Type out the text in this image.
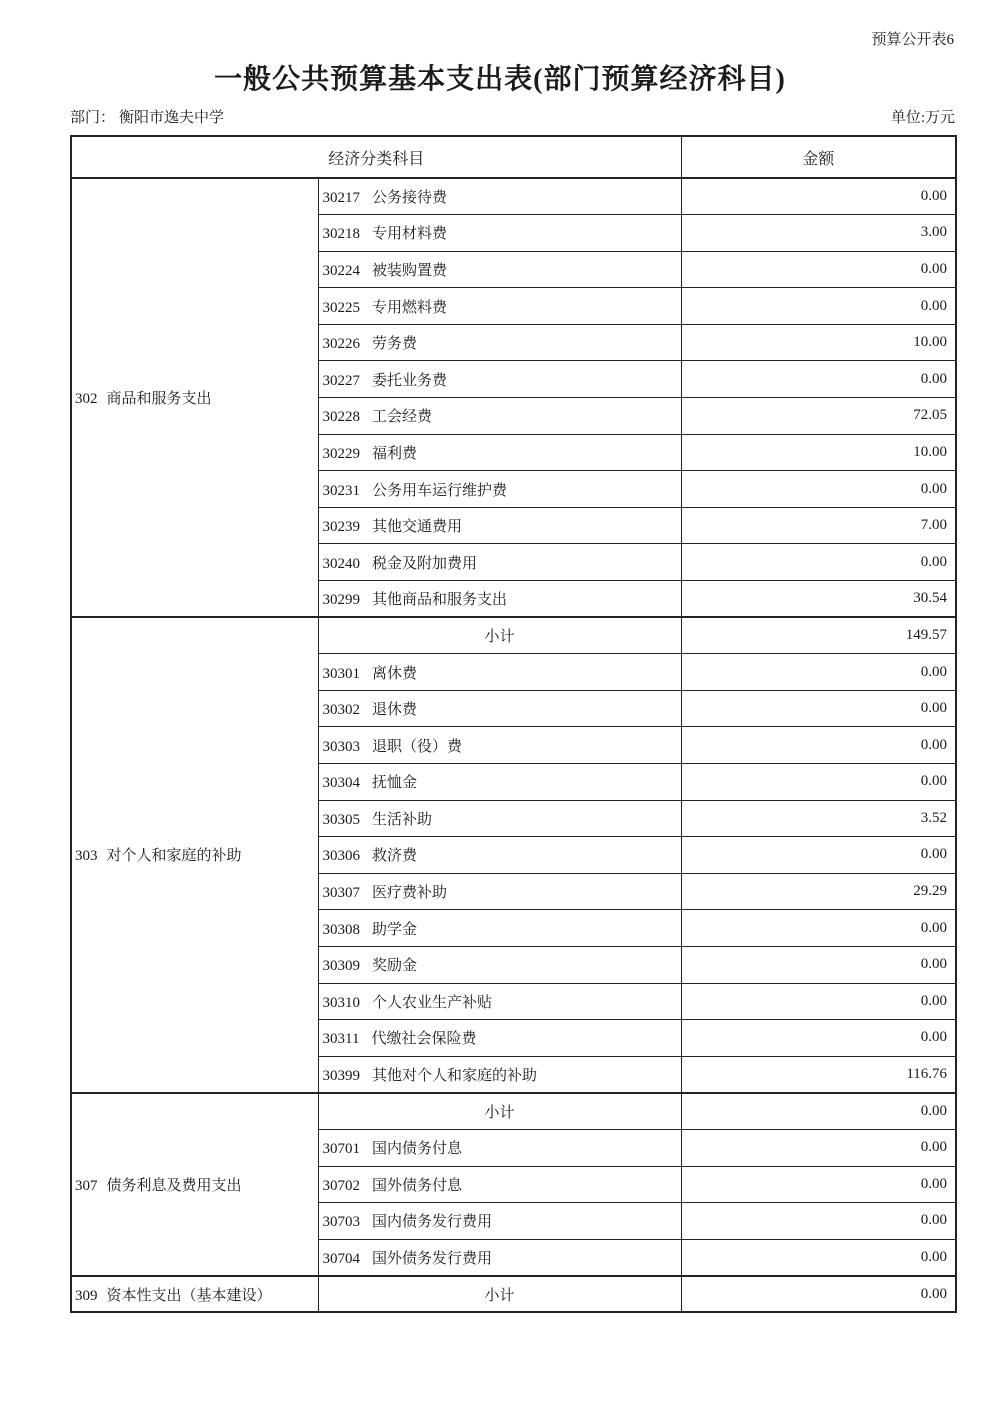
预算公开表6
一般公共预算基本支出表(部门预算经济科目)
部门： 衡阳市逸夫中学	单位:万元
经济分类科目		金额
302 商品和服务支出	30217 公务接待费	0.00
	30218 专用材料费	3.00
	30224 被装购置费	0.00
	30225 专用燃料费	0.00
	30226 劳务费	10.00
	30227 委托业务费	0.00
	30228 工会经费	72.05
	30229 福利费	10.00
	30231 公务用车运行维护费	0.00
	30239 其他交通费用	7.00
	30240 税金及附加费用	0.00
	30299 其他商品和服务支出	30.54
303 对个人和家庭的补助	小计	149.57
	30301 离休费	0.00
	30302 退休费	0.00
	30303 退职（役）费	0.00
	30304 抚恤金	0.00
	30305 生活补助	3.52
	30306 救济费	0.00
	30307 医疗费补助	29.29
	30308 助学金	0.00
	30309 奖励金	0.00
	30310 个人农业生产补贴	0.00
	30311 代缴社会保险费	0.00
	30399 其他对个人和家庭的补助	116.76
307 债务利息及费用支出	小计	0.00
	30701 国内债务付息	0.00
	30702 国外债务付息	0.00
	30703 国内债务发行费用	0.00
	30704 国外债务发行费用	0.00
309 资本性支出（基本建设）	小计	0.00
